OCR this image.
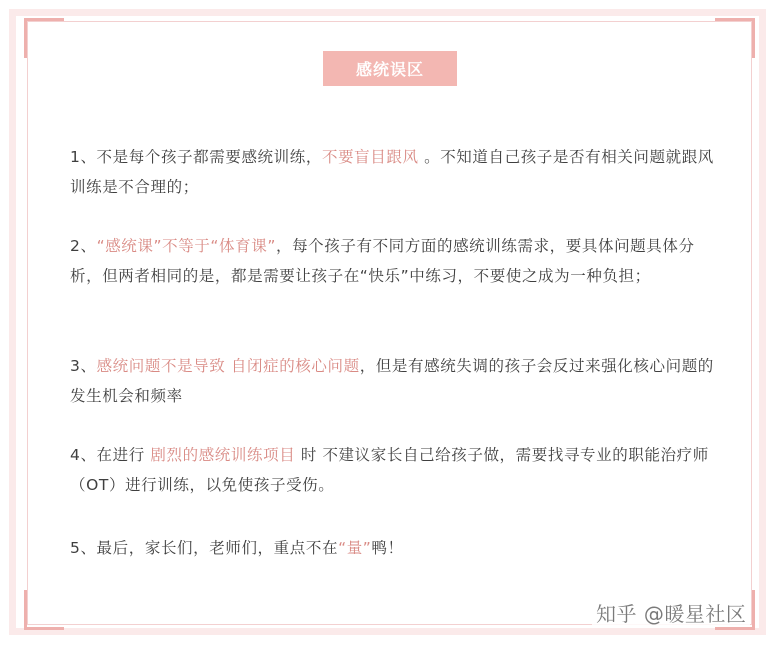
感统误区
1、不是每个孩子都需要感统训练，不要盲目跟风 。不知道自己孩子是否有相关问题就跟风训练是不合理的；
2、“感统课”不等于“体育课”，每个孩子有不同方面的感统训练需求，要具体问题具体分析，但两者相同的是，都是需要让孩子在“快乐”中练习，不要使之成为一种负担；
3、感统问题不是导致 自闭症的核心问题，但是有感统失调的孩子会反过来强化核心问题的发生机会和频率
4、在进行 剧烈的感统训练项目 时 不建议家长自己给孩子做，需要找寻专业的职能治疗师（OT）进行训练，以免使孩子受伤。
5、最后，家长们，老师们，重点不在“量”鸭！
知乎 @暖星社区
